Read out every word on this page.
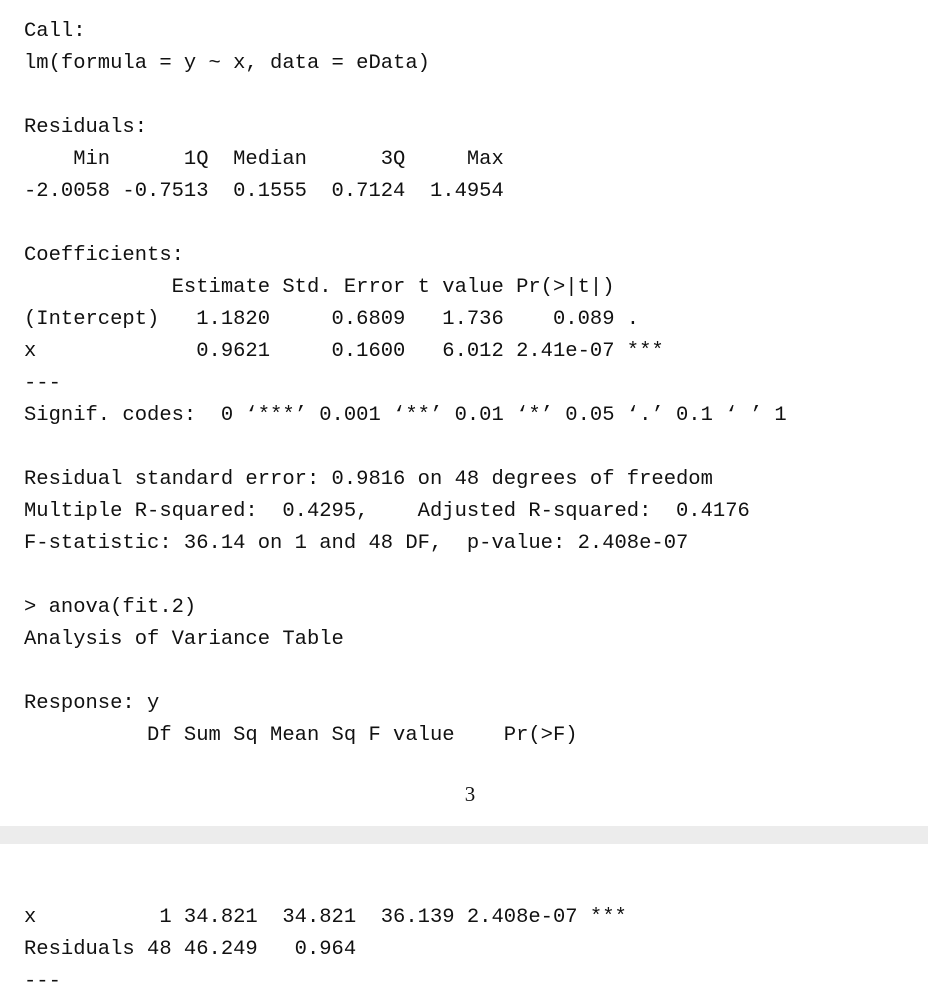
Call:
lm(formula = y ~ x, data = eData)
Residuals:
Min      1Q  Median      3Q     Max
-2.0058 -0.7513  0.1555  0.7124  1.4954
Coefficients:
Estimate Std. Error t value Pr(>|t|)
(Intercept)   1.1820     0.6809   1.736    0.089 .
x             0.9621     0.1600   6.012 2.41e-07 ***
---
Signif. codes:  0 ‘***’ 0.001 ‘**’ 0.01 ‘*’ 0.05 ‘.’ 0.1 ‘ ’ 1
Residual standard error: 0.9816 on 48 degrees of freedom
Multiple R-squared:  0.4295,    Adjusted R-squared:  0.4176
F-statistic: 36.14 on 1 and 48 DF,  p-value: 2.408e-07
> anova(fit.2)
Analysis of Variance Table
Response: y
Df Sum Sq Mean Sq F value    Pr(>F)
3
x          1 34.821  34.821  36.139 2.408e-07 ***
Residuals 48 46.249   0.964
---
